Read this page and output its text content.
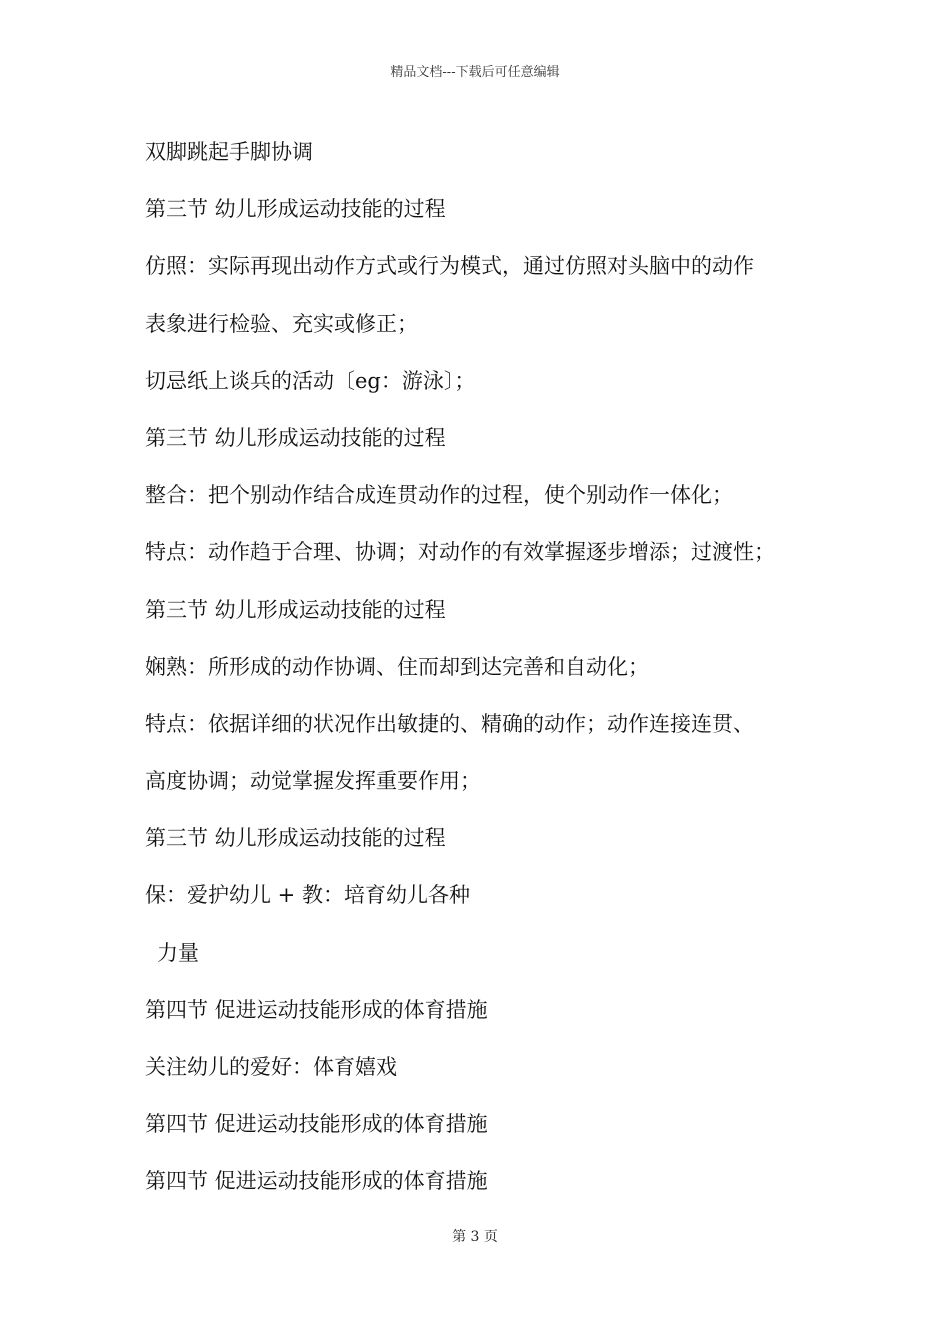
精品文档---下载后可任意编辑
双脚跳起手脚协调
第三节 幼儿形成运动技能的过程
仿照：实际再现出动作方式或行为模式，通过仿照对头脑中的动作
表象进行检验、充实或修正；
切忌纸上谈兵的活动〔eg：游泳〕；
第三节 幼儿形成运动技能的过程
整合：把个别动作结合成连贯动作的过程，使个别动作一体化；
特点：动作趋于合理、协调；对动作的有效掌握逐步增添；过渡性；
第三节 幼儿形成运动技能的过程
娴熟：所形成的动作协调、住而却到达完善和自动化；
特点：依据详细的状况作出敏捷的、精确的动作；动作连接连贯、
高度协调；动觉掌握发挥重要作用；
第三节 幼儿形成运动技能的过程
保：爱护幼儿 + 教：培育幼儿各种
力量
第四节 促进运动技能形成的体育措施
关注幼儿的爱好：体育嬉戏
第四节 促进运动技能形成的体育措施
第四节 促进运动技能形成的体育措施
第 3 页
